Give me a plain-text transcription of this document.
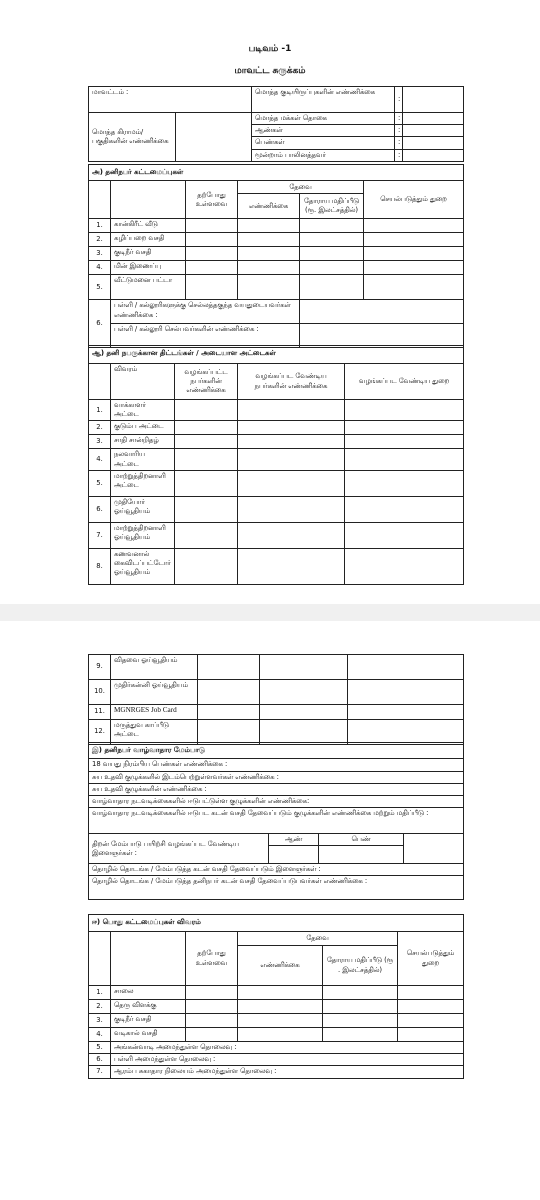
படிவம் -1
மாவட்ட சுருக்கம்
மாவட்டம் :		மொத்த குடியிருப்புகளின் எண்ணிக்கை	:	
மொத்த கிராமம்/பகுதிகளின் எண்ணிக்கை		மொத்த மக்கள் தொகை	:	
		ஆண்கள்	:	
		பெண்கள்	:	
		மூன்றாம் பாலினத்தவர்	:	
அ) தனிநபர் கட்டமைப்புகள்					
		தற்போது உள்ளவை	தேவை		செயல்படுத்தும் துறை
			எண்ணிக்கை	தோராய மதிப்பீடு (ரூ. இலட்சத்தில்)	
1.	கான்கிரீட் வீடு				
2.	கழிப்பறை வசதி				
3.	குடிநீர் வசதி				
4.	மின் இணைப்பு				
5.	வீட்டுமனை பட்டா				
6.	பள்ளி / கல்லூரிகளுக்கு செல்லத்தகுந்த வயதுடையவர்கள் எண்ணிக்கை :				
	பள்ளி / கல்லூரி செல்பவர்களின் எண்ணிக்கை :				
ஆ) தனி நபருக்கான திட்டங்கள் / அடையாள அட்டைகள்				
	விவரம்	வழங்கப்பட்ட நபர்களின் எண்ணிக்கை	வழங்கப்பட வேண்டிய நபர்களின் எண்ணிக்கை	வழங்கப்பட வேண்டிய துறை
1.	வாக்காளர் அட்டை			
2.	குடும்ப அட்டை			
3.	சாதி சான்றிதழ்			
4.	நலவாரிய அட்டை			
5.	மாற்றுத்திறனாளி அட்டை			
6.	முதியோர் ஓய்வூதியம்			
7.	மாற்றுத்திறனாளி ஓய்வூதியம்			
8.	கணவனால் கைவிடப்பட்டோர் ஓய்வூதியம்			
9.	விதவை ஓய்வூதியம்			
10.	முதிர்கன்னி ஓய்வூதியம்			
11.	MGNRGES Job Card			
12.	மருத்துவ காப்பீடு அட்டை			
இ) தனிநபர் வாழ்வாதார மேம்பாடு			
18 வயது நிரம்பிய பெண்கள் எண்ணிக்கை :			
சுய உதவி குழுக்களில் இடம்பெற்றுள்ளவர்கள் எண்ணிக்கை :			
சுய உதவி குழுக்களின் எண்ணிக்கை :			
வாழ்வாதார நடவடிக்கைகளில் ஈடுபட்டுள்ள குழுக்களின் எண்ணிக்கை:			
வாழ்வாதார நடவடிக்கைகளில் ஈடுபட கடன் வசதி தேவைப்படும் குழுக்களின் எண்ணிக்கை மற்றும் மதிப்பீடு :			
திறன் மேம்பாடு பயிற்சி வழங்கப்பட வேண்டிய இளைஞர்கள் :	ஆண்	பெண்	

தொழில் தொடங்க / மேம்படுத்த கடன் வசதி தேவைப்படும் இளைஞர்கள் :			
தொழில் தொடங்க / மேம்படுத்த தனிநபர் கடன் வசதி தேவைப்படுபவர்கள் எண்ணிக்கை :			
ஈ) பொது கட்டமைப்புகள் விவரம்					
		தற்போது உள்ளவை	தேவை		செயல்படுத்தும் துறை
			எண்ணிக்கை	தோராய மதிப்பீடு (ரூ . இலட்சத்தில்)	
1.	சாலை				
2.	தெரு விளக்கு				
3.	குடிநீர் வசதி				
4.	வடிகால் வசதி				
5.	அங்கன்வாடி அமைந்துள்ள தொலைவு :				
6.	பள்ளி அமைந்துள்ள தொலைவு :				
7.	ஆரம்ப சுகாதார நிலையம் அமைந்துள்ள தொலைவு :				
